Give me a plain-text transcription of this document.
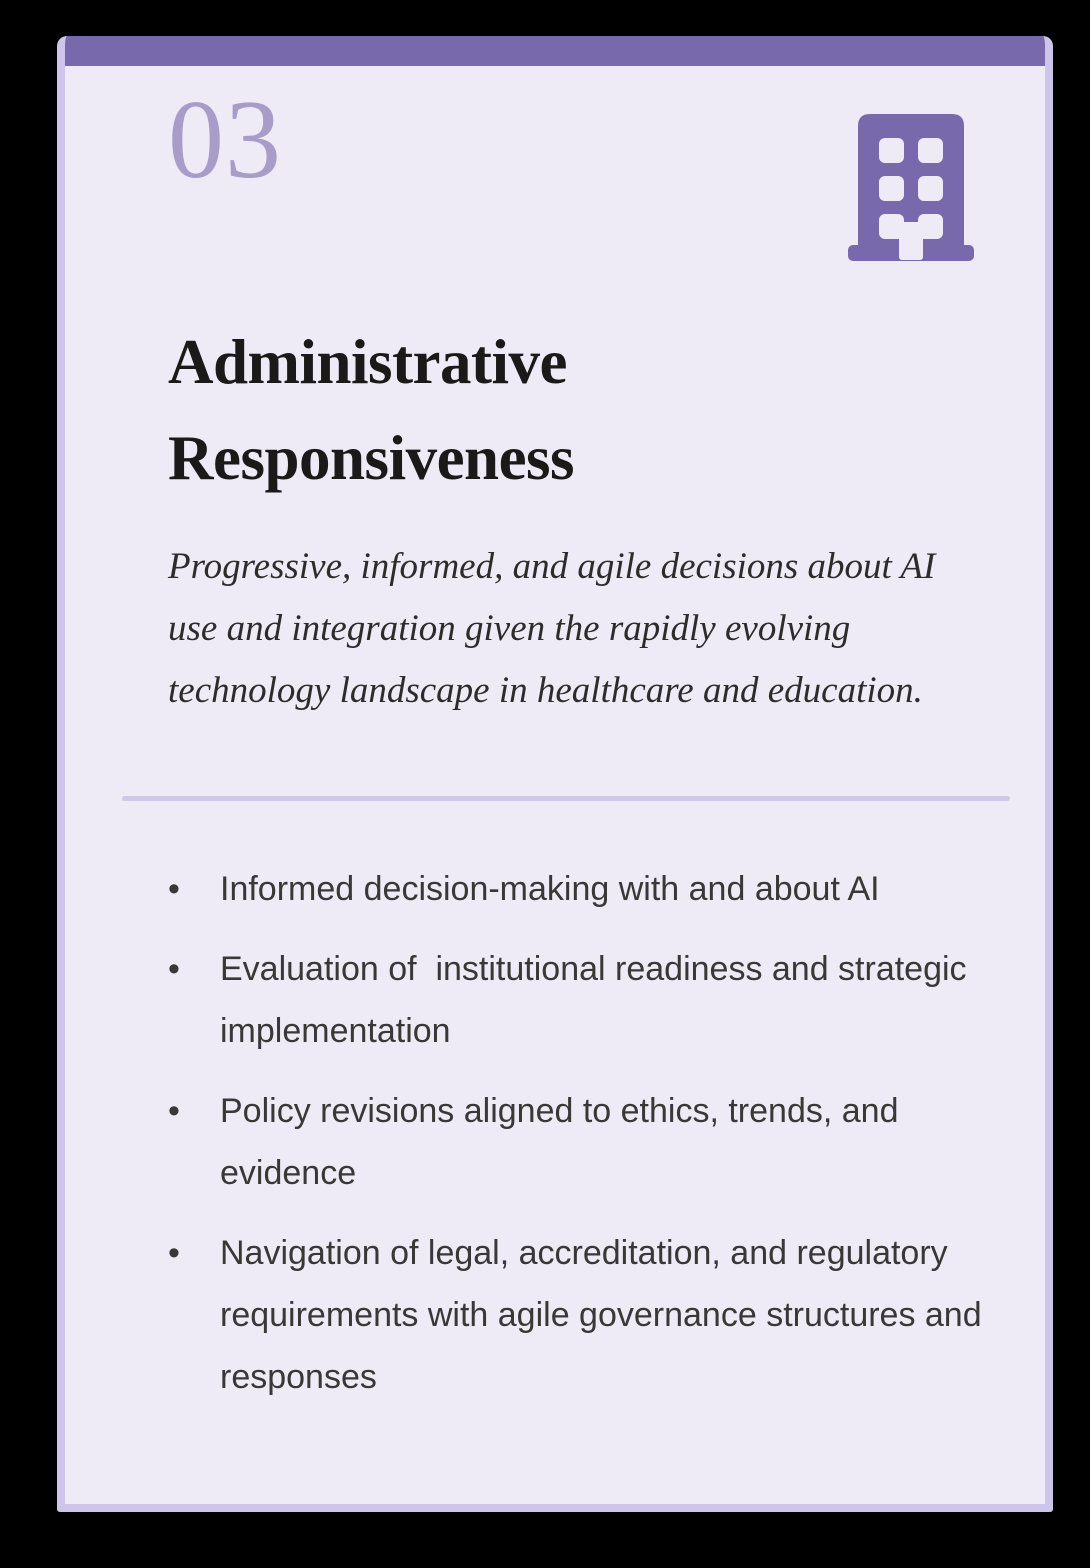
03
Administrative Responsiveness

Progressive, informed, and agile decisions about AI use and integration given the rapidly evolving technology landscape in healthcare and education.

•	Informed decision-making with and about AI
•	Evaluation of  institutional readiness and strategic implementation
•	Policy revisions aligned to ethics, trends, and evidence
•	Navigation of legal, accreditation, and regulatory requirements with agile governance structures and responses
